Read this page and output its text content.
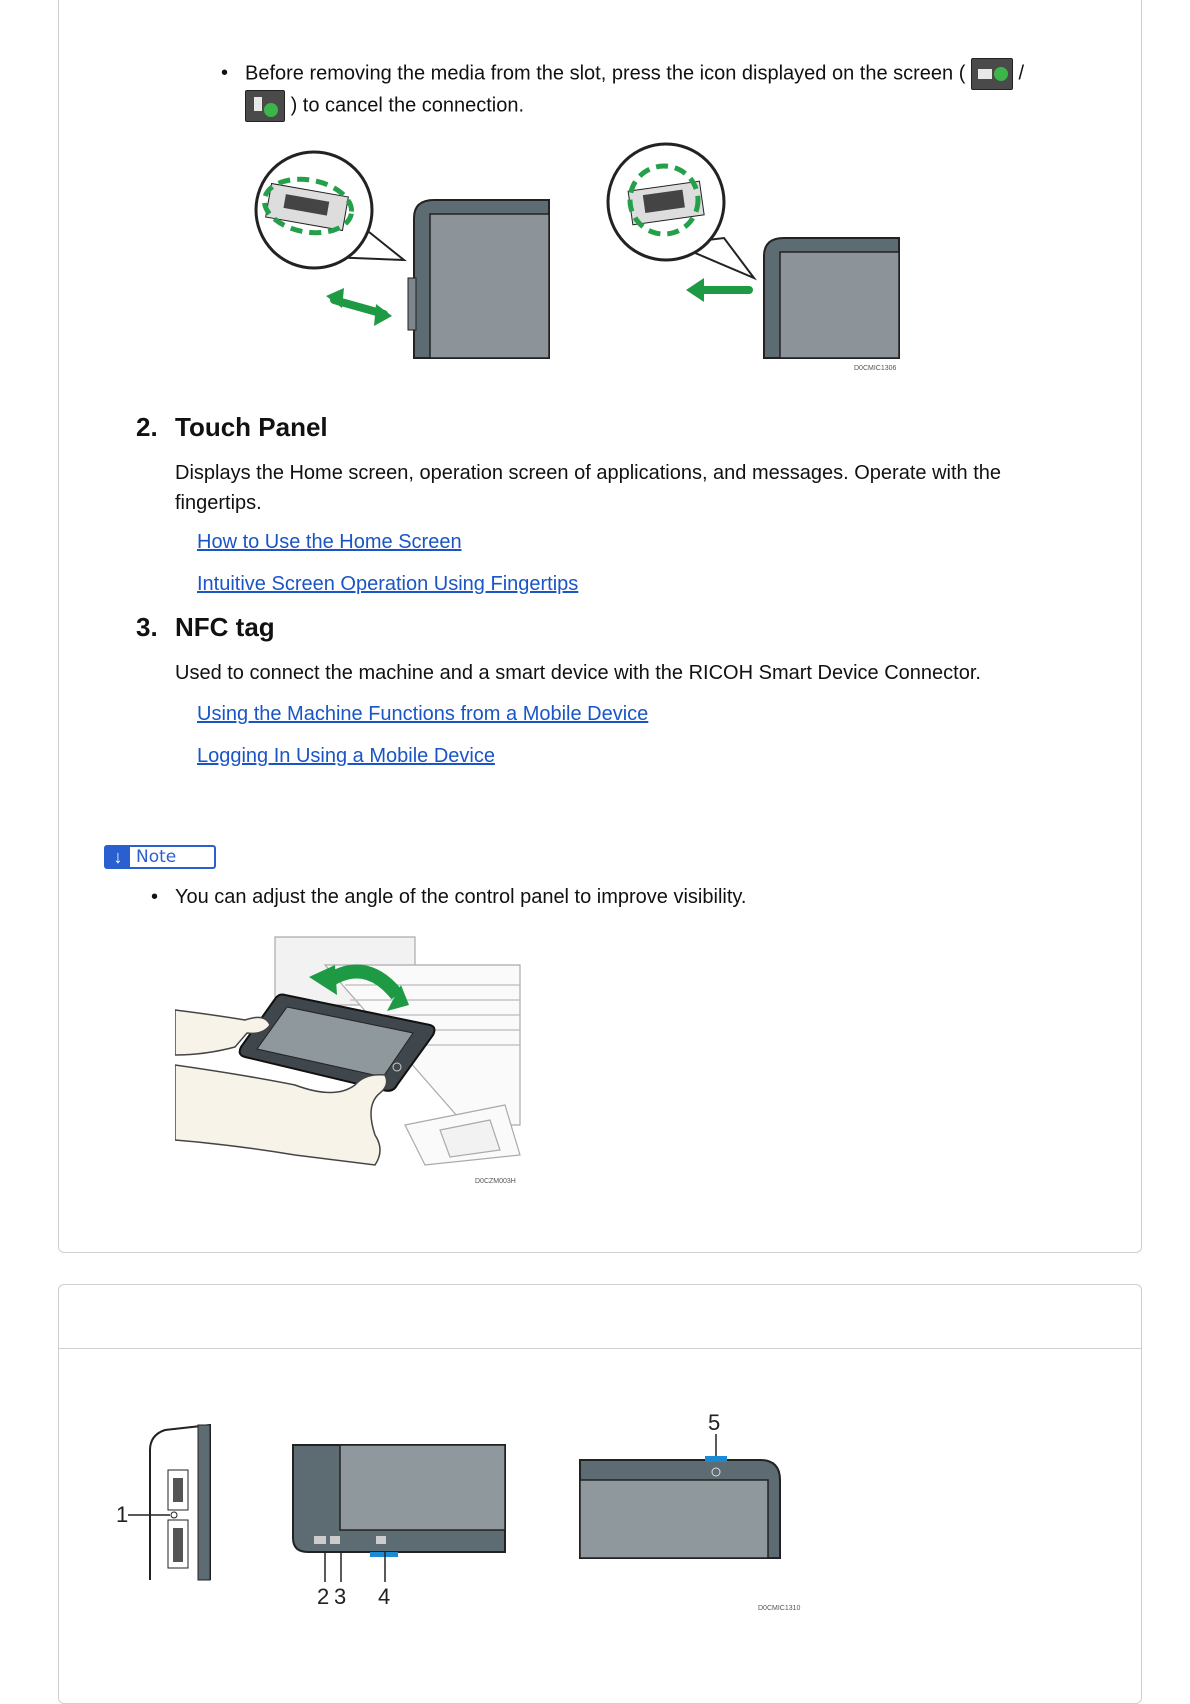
• Before removing the media from the slot, press the icon displayed on the screen (	/

) to cancel the connection.
D0CMIC1306
2. Touch Panel
Displays the Home screen, operation screen of applications, and messages. Operate with the fingertips.
How to Use the Home Screen
Intuitive Screen Operation Using Fingertips
3. NFC tag
Used to connect the machine and a smart device with the RICOH Smart Device Connector.
Using the Machine Functions from a Mobile Device
Logging In Using a Mobile Device
↓ Note
• You can adjust the angle of the control panel to improve visibility.
D0CZM003H
1
2 3 4
5
D0CMIC1310
